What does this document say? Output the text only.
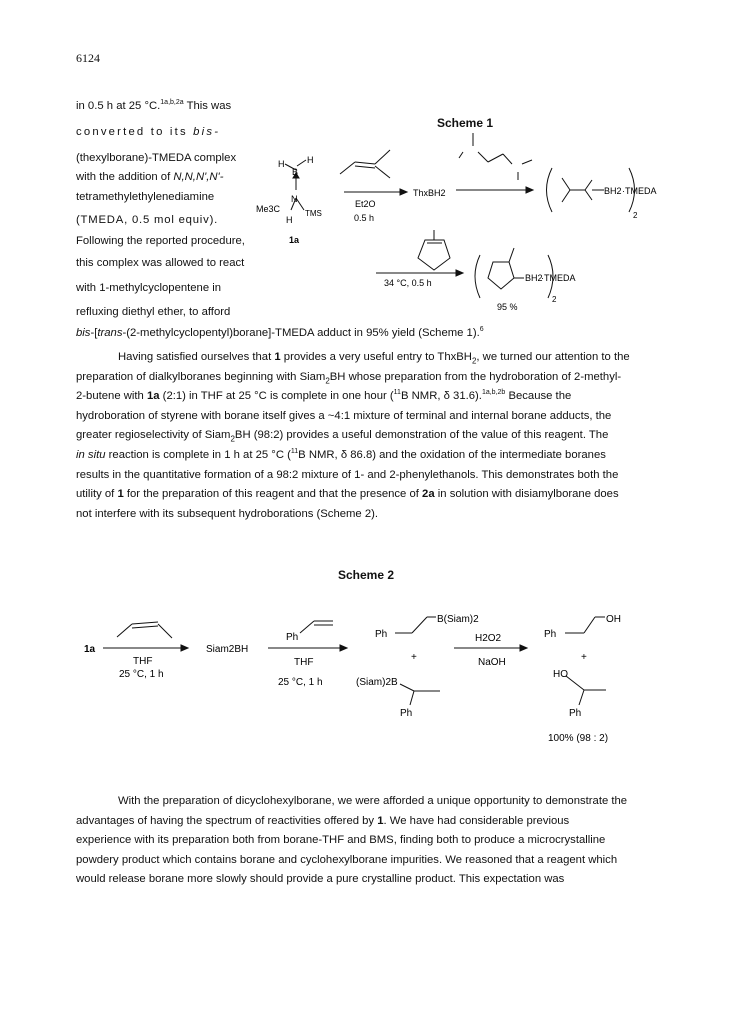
6124
in 0.5 h at 25 °C.$^{1a,b,2a}$ This was
converted to its bis-
(thexylborane)-TMEDA complex
with the addition of N,N,N',N'-
tetramethylethylenediamine
(TMEDA, 0.5 mol equiv).
Following the reported procedure,
this complex was allowed to react
with 1-methylcyclopentene in
refluxing diethyl ether, to afford
Scheme 1
H
B
H
Me3C
N
TMS
H
1a
Et2O
0.5 h
ThxBH2	BH2 ·TMEDA
2
34 °C, 0.5 h	BH2
·TMEDA
2
95 %
bis-[trans-(2-methylcyclopentyl)borane]-TMEDA adduct in 95% yield (Scheme 1).$^6$
Having satisfied ourselves that 1 provides a very useful entry to ThxBH$_2$, we turned our attention to the
preparation of dialkylboranes beginning with Siam$_2$BH whose preparation from the hydroboration of 2-methyl-
2-butene with 1a (2:1) in THF at 25 °C is complete in one hour ($^{11}$B NMR, δ 31.6).$^{1a,b,2b}$ Because the
hydroboration of styrene with borane itself gives a ~4:1 mixture of terminal and internal borane adducts, the
greater regioselectivity of Siam$_2$BH (98:2) provides a useful demonstration of the value of this reagent. The
in situ reaction is complete in 1 h at 25 °C ($^{11}$B NMR, δ 86.8) and the oxidation of the intermediate boranes
results in the quantitative formation of a 98:2 mixture of 1- and 2-phenylethanols. This demonstrates both the
utility of 1 for the preparation of this reagent and that the presence of 2a in solution with disiamylborane does
not interfere with its subsequent hydroborations (Scheme 2).
Scheme 2
1a
THF
25 °C, 1 h
Siam2BH
Ph
THF
25 °C, 1 h
Ph
B(Siam)2
+
(Siam)2B
Ph
H2O2
NaOH
Ph
OH
+
HO
Ph
100% (98 : 2)
With the preparation of dicyclohexylborane, we were afforded a unique opportunity to demonstrate the
advantages of having the spectrum of reactivities offered by 1. We have had considerable previous
experience with its preparation both from borane-THF and BMS, finding both to produce a microcrystalline
powdery product which contains borane and cyclohexylborane impurities. We reasoned that a reagent which
would release borane more slowly should provide a pure crystalline product. This expectation was
